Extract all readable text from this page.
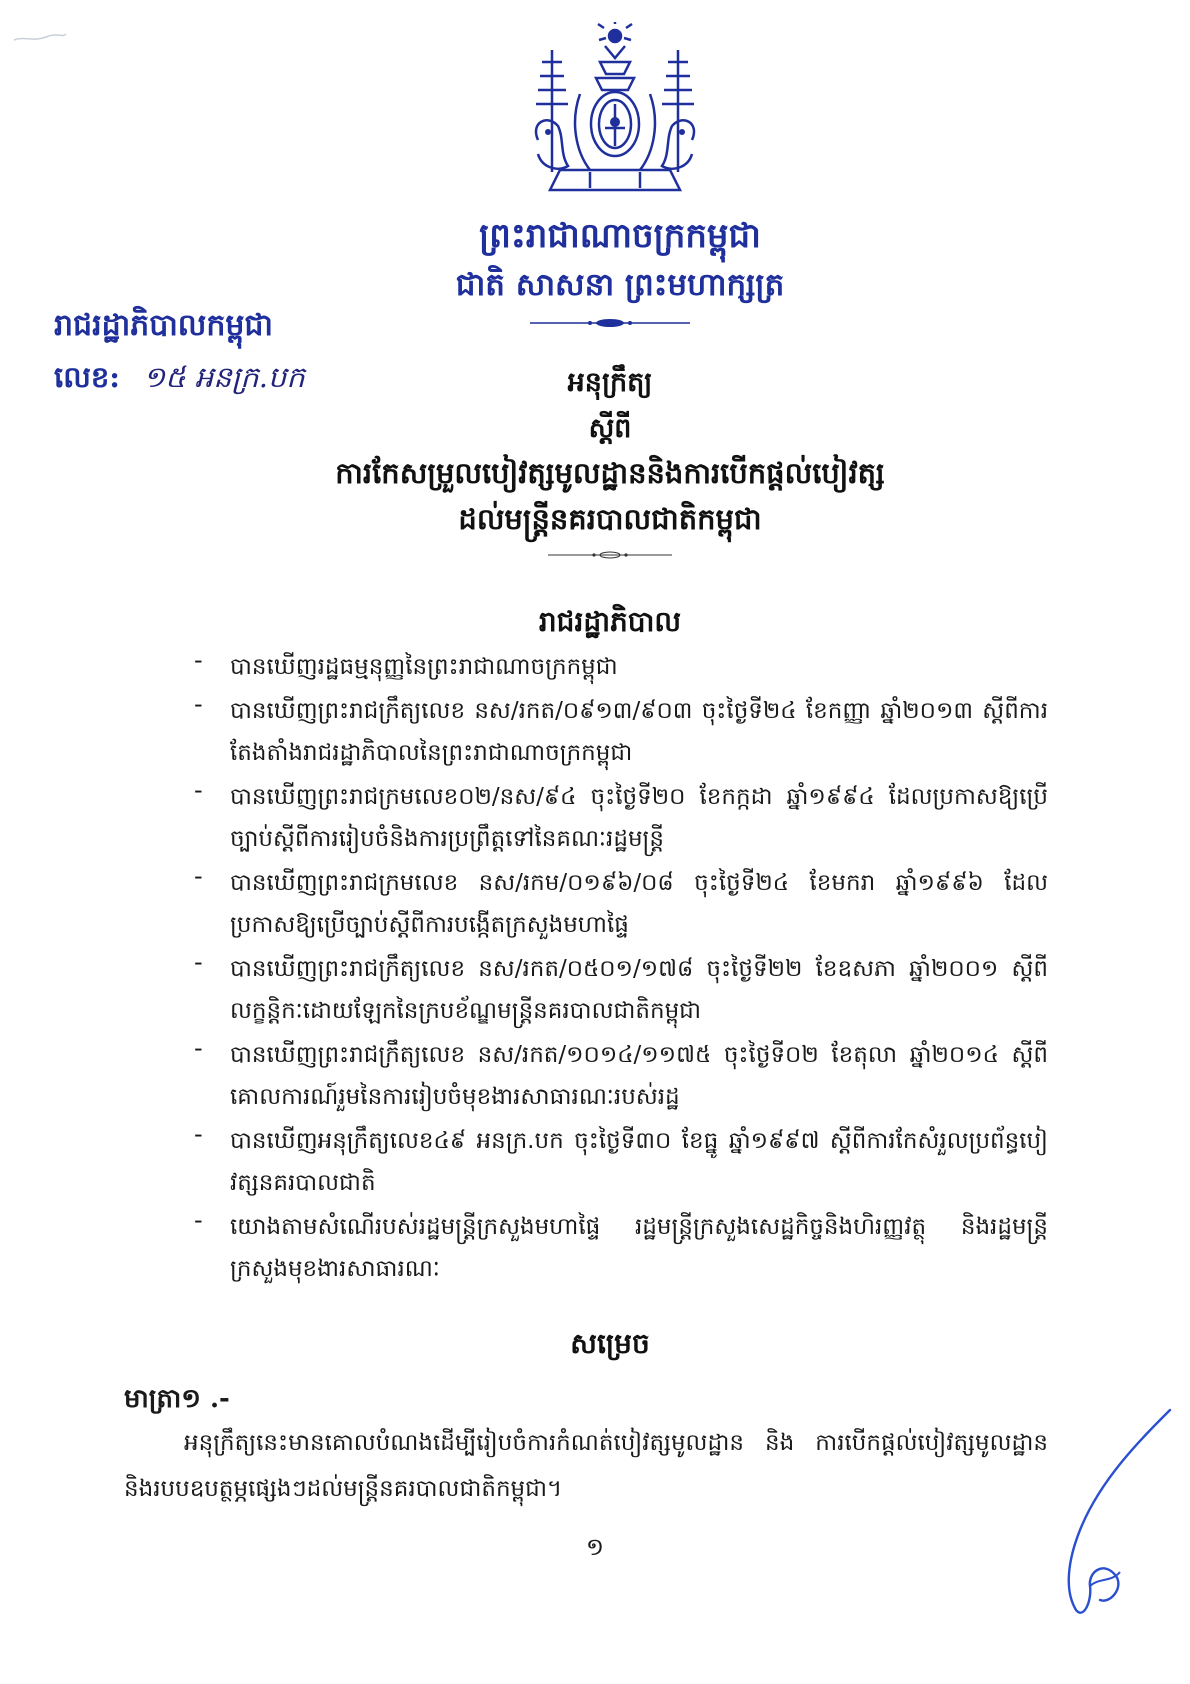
ព្រះរាជាណាចក្រកម្ពុជា
ជាតិ សាសនា ព្រះមហាក្សត្រ
រាជរដ្ឋាភិបាលកម្ពុជា
លេខ: ១៥ អនក្រ.បក	អនុក្រឹត្យ
ស្តីពី
ការកែសម្រួលបៀវត្សមូលដ្ឋាននិងការបើកផ្តល់បៀវត្ស
ដល់មន្ត្រីនគរបាលជាតិកម្ពុជា
រាជរដ្ឋាភិបាល
- បានឃើញរដ្ឋធម្មនុញ្ញនៃព្រះរាជាណាចក្រកម្ពុជា
- បានឃើញព្រះរាជក្រឹត្យលេខ នស/រកត/០៩១៣/៩០៣ ចុះថ្ងៃទី២៤ ខែកញ្ញា ឆ្នាំ២០១៣ ស្តីពីការតែងតាំងរាជរដ្ឋាភិបាលនៃព្រះរាជាណាចក្រកម្ពុជា
- បានឃើញព្រះរាជក្រមលេខ០២/នស/៩៤ ចុះថ្ងៃទី២០ ខែកក្កដា ឆ្នាំ១៩៩៤ ដែលប្រកាសឱ្យប្រើច្បាប់ស្តីពីការរៀបចំនិងការប្រព្រឹត្តទៅនៃគណៈរដ្ឋមន្ត្រី
- បានឃើញព្រះរាជក្រមលេខ នស/រកម/០១៩៦/០៨ ចុះថ្ងៃទី២៤ ខែមករា ឆ្នាំ១៩៩៦ ដែលប្រកាសឱ្យប្រើច្បាប់ស្តីពីការបង្កើតក្រសួងមហាផ្ទៃ
- បានឃើញព្រះរាជក្រឹត្យលេខ នស/រកត/០៥០១/១៧៨ ចុះថ្ងៃទី២២ ខែឧសភា ឆ្នាំ២០០១ ស្តីពីលក្ខន្តិកៈដោយឡែកនៃក្របខ័ណ្ឌមន្ត្រីនគរបាលជាតិកម្ពុជា
- បានឃើញព្រះរាជក្រឹត្យលេខ នស/រកត/១០១៤/១១៧៥ ចុះថ្ងៃទី០២ ខែតុលា ឆ្នាំ២០១៤ ស្តីពីគោលការណ៍រួមនៃការរៀបចំមុខងារសាធារណៈរបស់រដ្ឋ
- បានឃើញអនុក្រឹត្យលេខ៤៩ អនក្រ.បក ចុះថ្ងៃទី៣០ ខែធ្នូ ឆ្នាំ១៩៩៧ ស្តីពីការកែសំរួលប្រព័ន្ធបៀវត្សនគរបាលជាតិ
- យោងតាមសំណើរបស់រដ្ឋមន្ត្រីក្រសួងមហាផ្ទៃ រដ្ឋមន្ត្រីក្រសួងសេដ្ឋកិច្ចនិងហិរញ្ញវត្ថុ និងរដ្ឋមន្ត្រីក្រសួងមុខងារសាធារណៈ
សម្រេច
មាត្រា១ .-
អនុក្រឹត្យនេះមានគោលបំណងដើម្បីរៀបចំការកំណត់បៀវត្សមូលដ្ឋាន និង ការបើកផ្តល់បៀវត្សមូលដ្ឋាននិងរបបឧបត្ថម្ភផ្សេងៗដល់មន្ត្រីនគរបាលជាតិកម្ពុជា។
១
